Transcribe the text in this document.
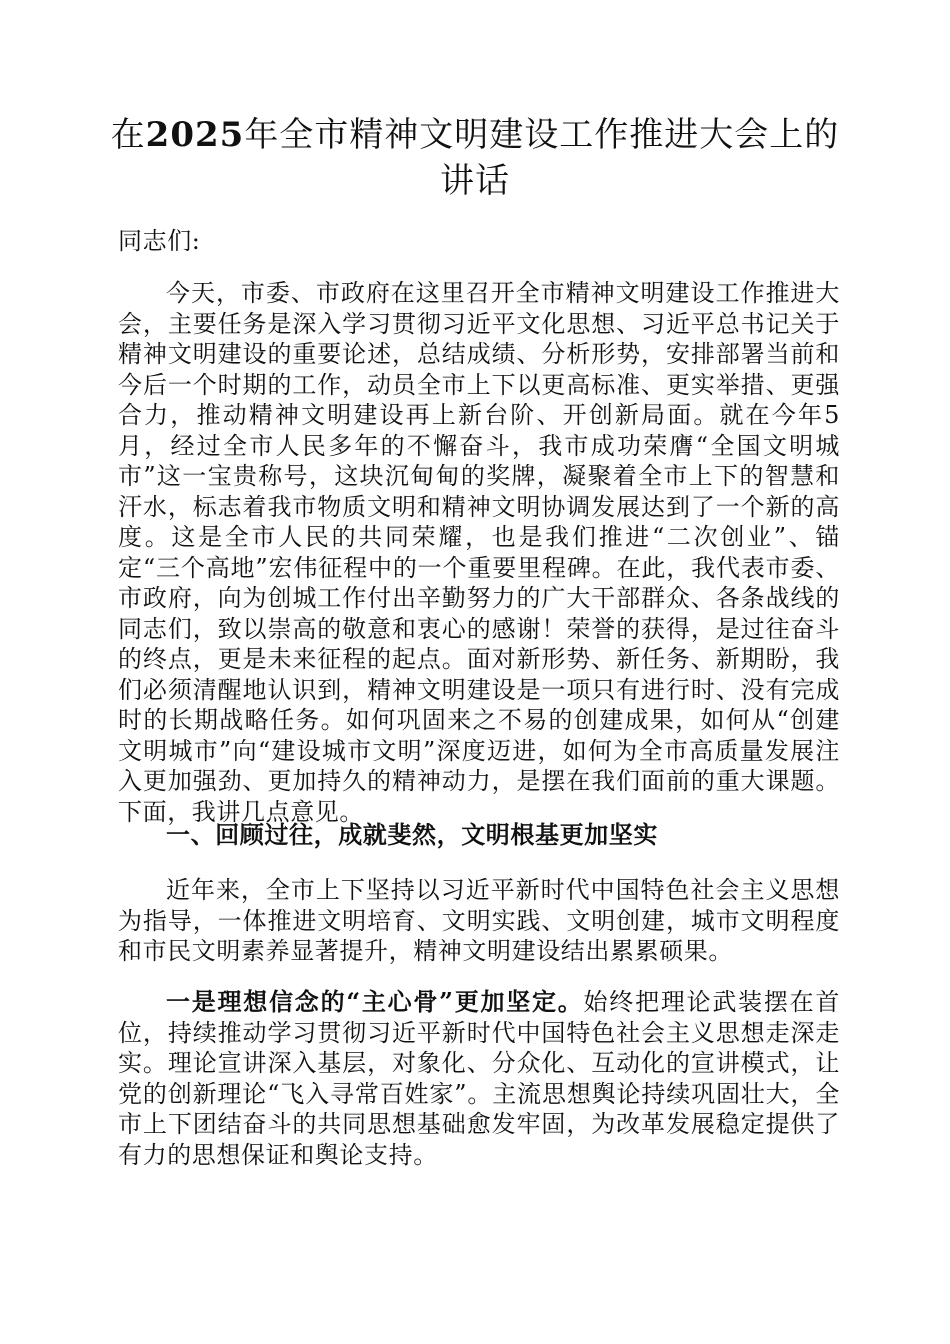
在2025年全市精神文明建设工作推进大会上的讲话

同志们:

今天，市委、市政府在这里召开全市精神文明建设工作推进大会，主要任务是深入学习贯彻习近平文化思想、习近平总书记关于精神文明建设的重要论述，总结成绩、分析形势，安排部署当前和今后一个时期的工作，动员全市上下以更高标准、更实举措、更强合力，推动精神文明建设再上新台阶、开创新局面。就在今年5月，经过全市人民多年的不懈奋斗，我市成功荣膺“全国文明城市”这一宝贵称号，这块沉甸甸的奖牌，凝聚着全市上下的智慧和汗水，标志着我市物质文明和精神文明协调发展达到了一个新的高度。这是全市人民的共同荣耀，也是我们推进“二次创业”、锚定“三个高地”宏伟征程中的一个重要里程碑。在此，我代表市委、市政府，向为创城工作付出辛勤努力的广大干部群众、各条战线的同志们，致以崇高的敬意和衷心的感谢！荣誉的获得，是过往奋斗的终点，更是未来征程的起点。面对新形势、新任务、新期盼，我们必须清醒地认识到，精神文明建设是一项只有进行时、没有完成时的长期战略任务。如何巩固来之不易的创建成果，如何从“创建文明城市”向“建设城市文明”深度迈进，如何为全市高质量发展注入更加强劲、更加持久的精神动力，是摆在我们面前的重大课题。下面，我讲几点意见。

一、回顾过往，成就斐然，文明根基更加坚实

近年来，全市上下坚持以习近平新时代中国特色社会主义思想为指导，一体推进文明培育、文明实践、文明创建，城市文明程度和市民文明素养显著提升，精神文明建设结出累累硕果。

一是理想信念的“主心骨”更加坚定。始终把理论武装摆在首位，持续推动学习贯彻习近平新时代中国特色社会主义思想走深走实。理论宣讲深入基层，对象化、分众化、互动化的宣讲模式，让党的创新理论“飞入寻常百姓家”。主流思想舆论持续巩固壮大，全市上下团结奋斗的共同思想基础愈发牢固，为改革发展稳定提供了有力的思想保证和舆论支持。
